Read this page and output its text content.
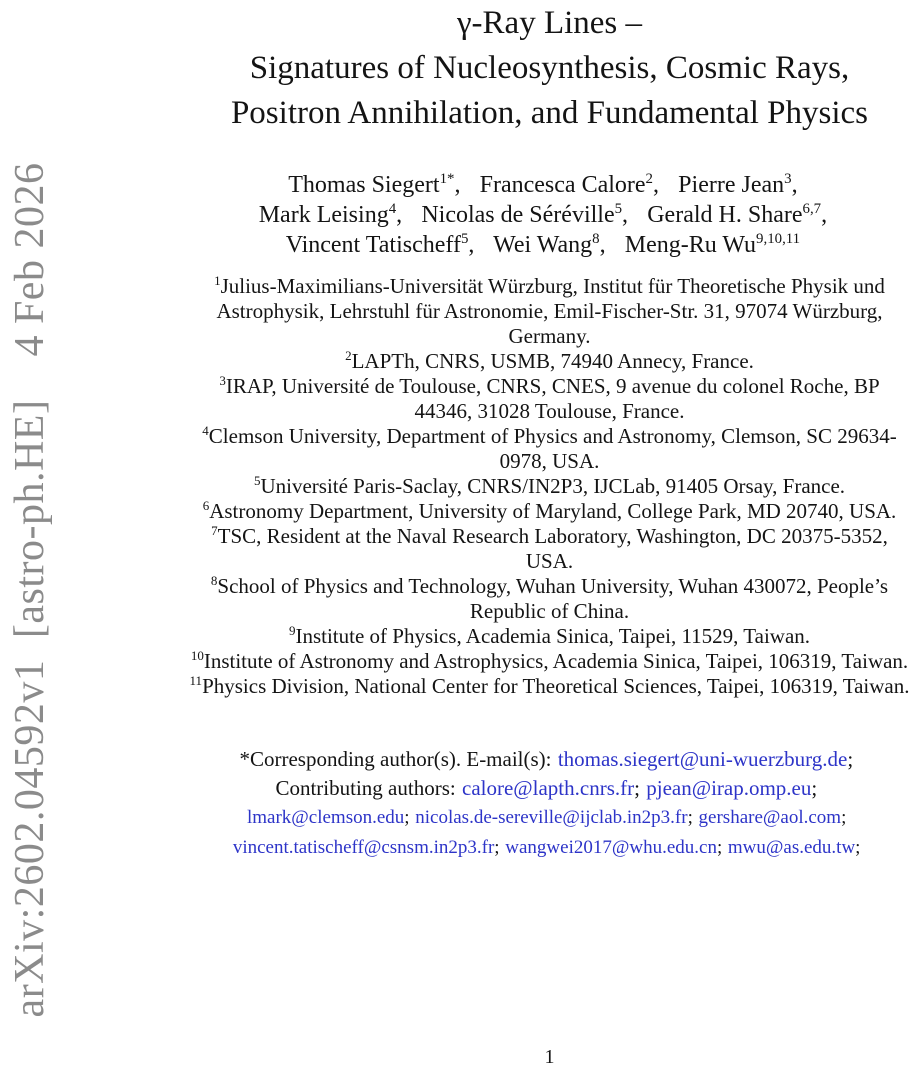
arXiv:2602.04592v1 [astro-ph.HE]  4 Feb 2026
γ-Ray Lines –
Signatures of Nucleosynthesis, Cosmic Rays,
Positron Annihilation, and Fundamental Physics
Thomas Siegert$^{1*}$, Francesca Calore$^2$, Pierre Jean$^3$,
Mark Leising$^4$, Nicolas de Séréville$^5$, Gerald H. Share$^{6,7}$,
Vincent Tatischeff$^5$, Wei Wang$^8$, Meng-Ru Wu$^{9,10,11}$
$^1$Julius-Maximilians-Universität Würzburg, Institut für Theoretische Physik und Astrophysik, Lehrstuhl für Astronomie, Emil-Fischer-Str. 31, 97074 Würzburg, Germany.
$^2$LAPTh, CNRS, USMB, 74940 Annecy, France.
$^3$IRAP, Université de Toulouse, CNRS, CNES, 9 avenue du colonel Roche, BP 44346, 31028 Toulouse, France.
$^4$Clemson University, Department of Physics and Astronomy, Clemson, SC 29634-0978, USA.
$^5$Université Paris-Saclay, CNRS/IN2P3, IJCLab, 91405 Orsay, France.
$^6$Astronomy Department, University of Maryland, College Park, MD 20740, USA.
$^7$TSC, Resident at the Naval Research Laboratory, Washington, DC 20375-5352, USA.
$^8$School of Physics and Technology, Wuhan University, Wuhan 430072, People’s Republic of China.
$^9$Institute of Physics, Academia Sinica, Taipei, 11529, Taiwan.
$^{10}$Institute of Astronomy and Astrophysics, Academia Sinica, Taipei, 106319, Taiwan.
$^{11}$Physics Division, National Center for Theoretical Sciences, Taipei, 106319, Taiwan.
*Corresponding author(s). E-mail(s): thomas.siegert@uni-wuerzburg.de;
Contributing authors: calore@lapth.cnrs.fr; pjean@irap.omp.eu;
lmark@clemson.edu; nicolas.de-sereville@ijclab.in2p3.fr; gershare@aol.com;
vincent.tatischeff@csnsm.in2p3.fr; wangwei2017@whu.edu.cn; mwu@as.edu.tw;
1
